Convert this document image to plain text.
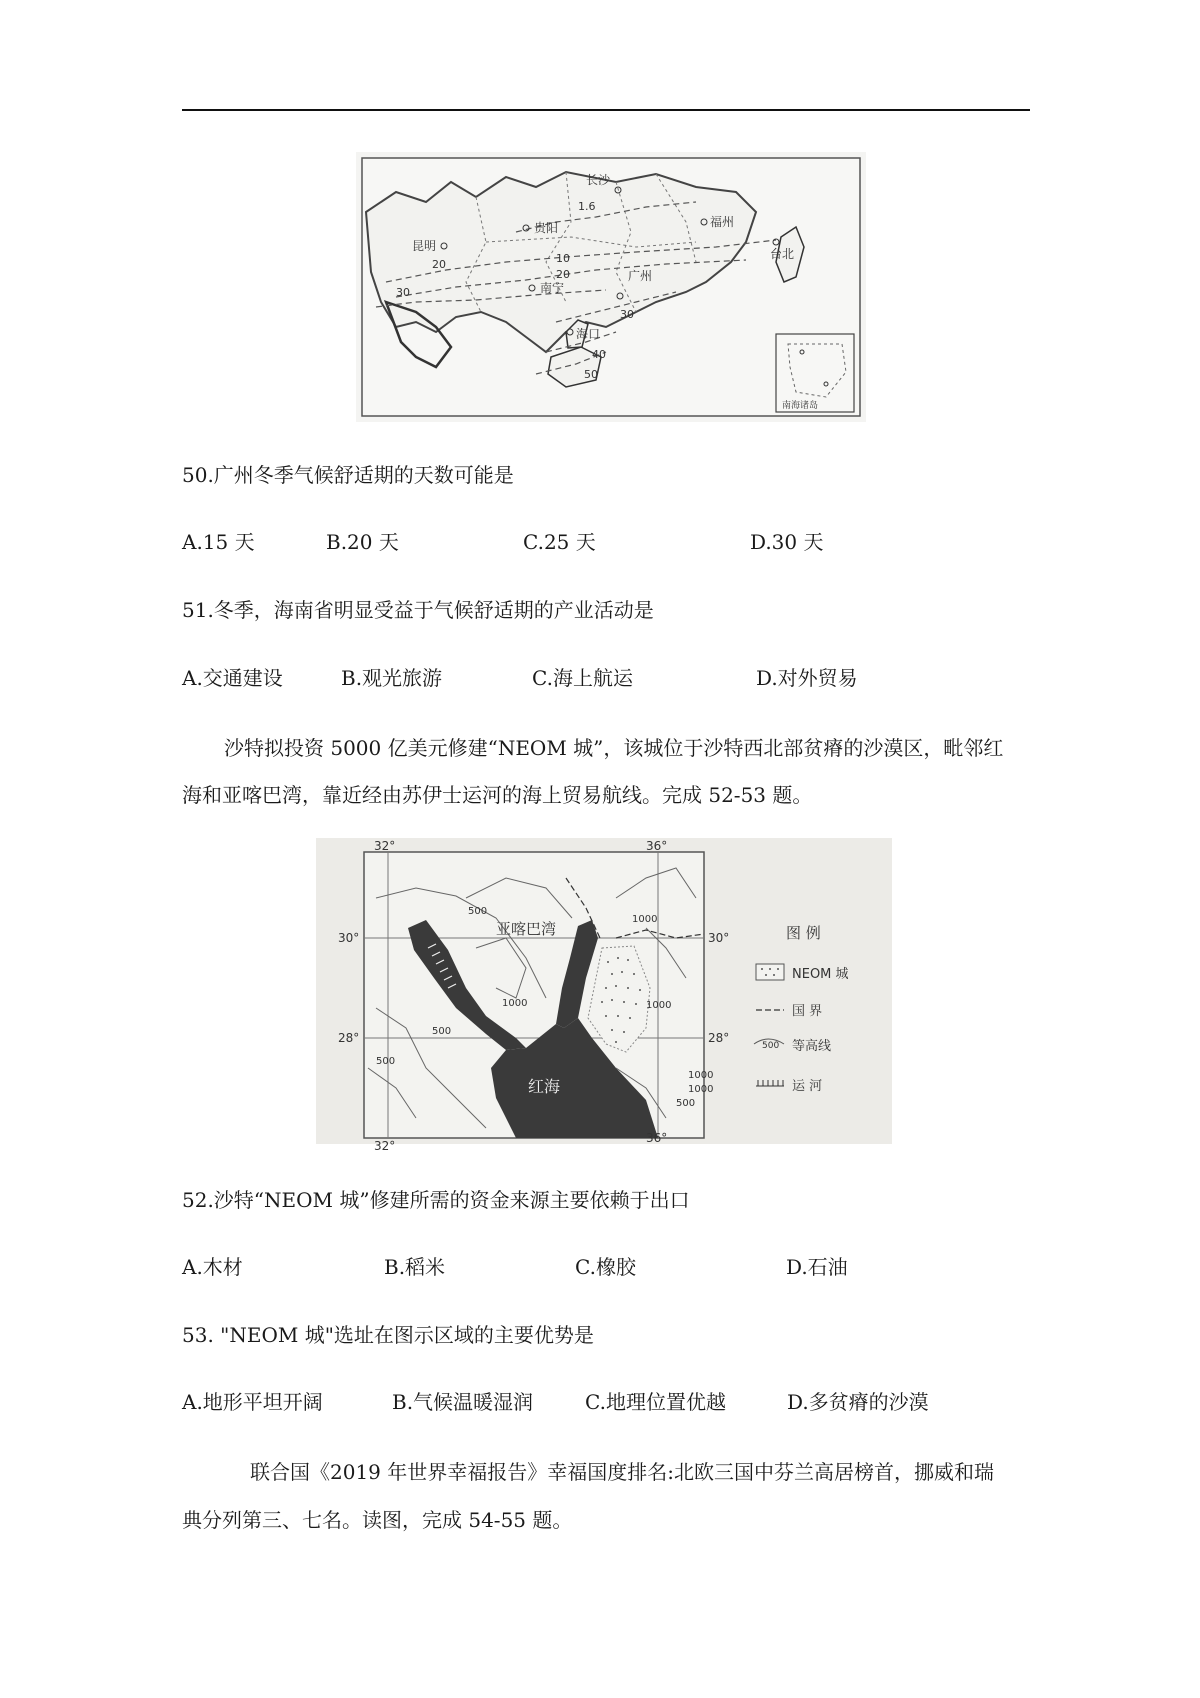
长沙
福州
贵阳
昆明
台北
南宁
广州
海口
1.6
10
20
20
30
30
40
50
南海诸岛
50.广州冬季气候舒适期的天数可能是
A.15 天	B.20 天	C.25 天	D.30 天
51.冬季，海南省明显受益于气候舒适期的产业活动是
A.交通建设	B.观光旅游	C.海上航运	D.对外贸易
沙特拟投资 5000 亿美元修建“NEOM 城”，该城位于沙特西北部贫瘠的沙漠区，毗邻红
海和亚喀巴湾，靠近经由苏伊士运河的海上贸易航线。完成 52-53 题。
32°	36°
32°
36°
30°	30°
28°	28°
亚喀巴湾
红海
500
1000
1000
500
1000
1000
500
1000
500
图 例
NEOM 城
国 界
500 等高线
运 河
52.沙特“NEOM 城”修建所需的资金来源主要依赖于出口
A.木材	B.稻米	C.橡胶	D.石油
53. "NEOM 城"选址在图示区域的主要优势是
A.地形平坦开阔	B.气候温暖湿润	C.地理位置优越	D.多贫瘠的沙漠
联合国《2019 年世界幸福报告》幸福国度排名:北欧三国中芬兰高居榜首，挪威和瑞
典分列第三、七名。读图，完成 54-55 题。
